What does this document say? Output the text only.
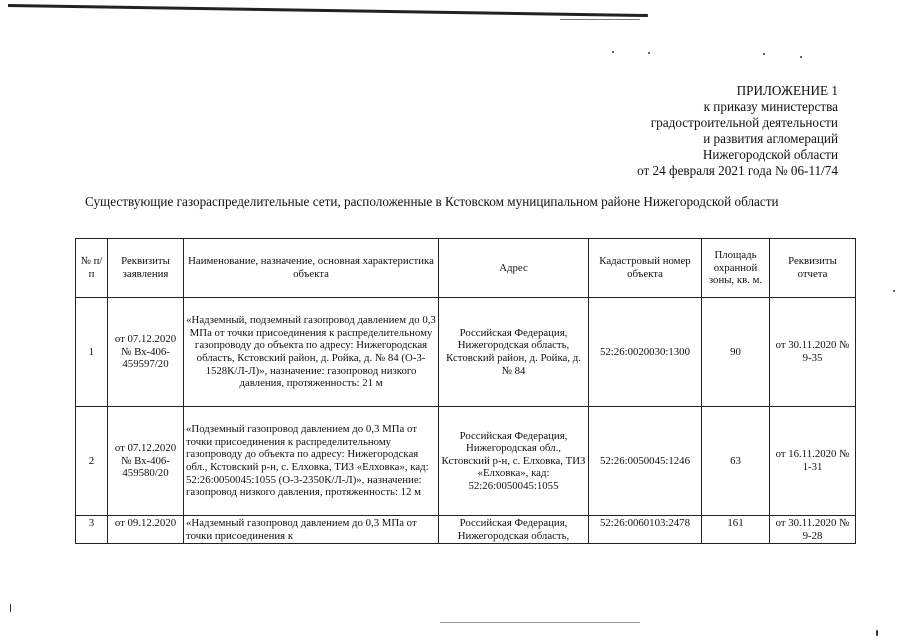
ПРИЛОЖЕНИЕ 1
к приказу министерства
градостроительной деятельности
и развития агломераций
Нижегородской области
от 24 февраля 2021 года № 06-11/74
Существующие газораспределительные сети, расположенные в Кстовском муниципальном районе Нижегородской области
№ п/п	Реквизиты заявления	Наименование, назначение, основная характеристика объекта	Адрес	Кадастровый номер объекта	Площадь охранной зоны, кв. м.	Реквизиты отчета
1	от 07.12.2020 № Вх-406-459597/20	«Надземный, подземный газопровод давлением до 0,3 МПа от точки присоединения к распределительному газопроводу до объекта по адресу: Нижегородская область, Кстовский район, д. Ройка, д. № 84 (О-3-1528К/Л-Л)», назначение: газопровод низкого давления, протяженность: 21 м	Российская Федерация, Нижегородская область, Кстовский район, д. Ройка, д. № 84	52:26:0020030:1300	90	от 30.11.2020 № 9-35
2	от 07.12.2020 № Вх-406-459580/20	«Подземный газопровод давлением до 0,3 МПа от точки присоединения к распределительному газопроводу до объекта по адресу: Нижегородская обл., Кстовский р-н, с. Елховка, ТИЗ «Елховка», кад: 52:26:0050045:1055 (О-3-2350К/Л-Л)», назначение: газопровод низкого давления, протяженность: 12 м	Российская Федерация, Нижегородская обл., Кстовский р-н, с. Елховка, ТИЗ «Елховка», кад: 52:26:0050045:1055	52:26:0050045:1246	63	от 16.11.2020 № 1-31
3	от 09.12.2020	«Надземный газопровод давлением до 0,3 МПа от точки присоединения к	Российская Федерация, Нижегородская область,	52:26:0060103:2478	161	от 30.11.2020 № 9-28
